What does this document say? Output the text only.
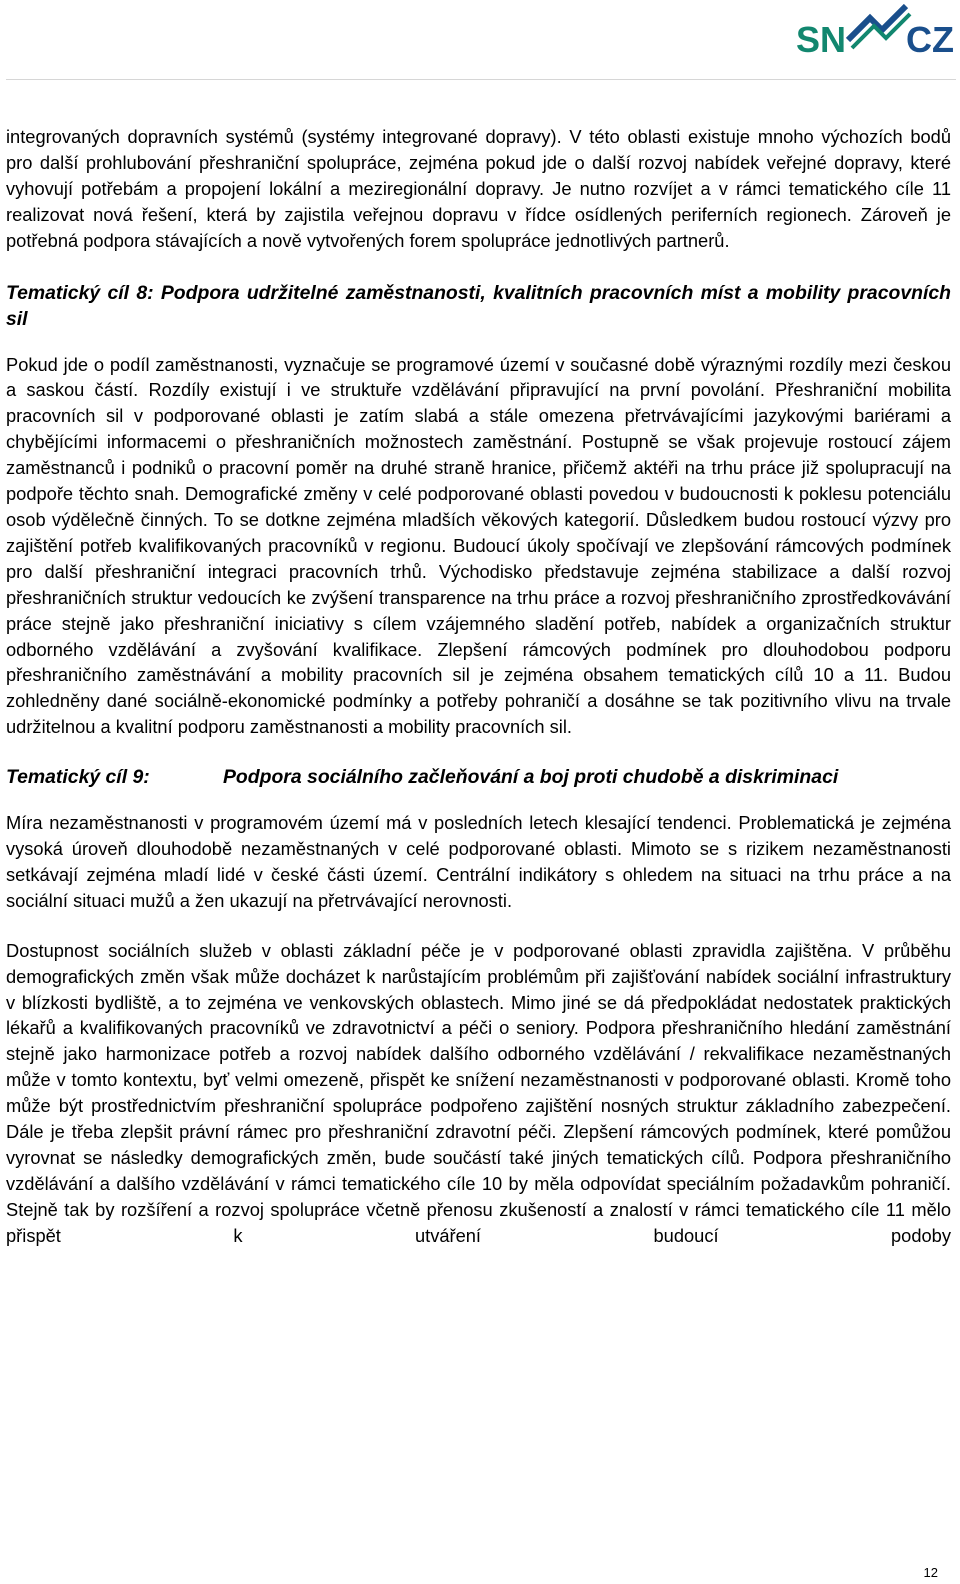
SN CZ

integrovaných dopravních systémů (systémy integrované dopravy). V této oblasti existuje mnoho výchozích bodů pro další prohlubování přeshraniční spolupráce, zejména pokud jde o další rozvoj nabídek veřejné dopravy, které vyhovují potřebám a propojení lokální a meziregionální dopravy. Je nutno rozvíjet a v rámci tematického cíle 11 realizovat nová řešení, která by zajistila veřejnou dopravu v řídce osídlených periferních regionech. Zároveň je potřebná podpora stávajících a nově vytvořených forem spolupráce jednotlivých partnerů.

Tematický cíl 8: Podpora udržitelné zaměstnanosti, kvalitních pracovních míst a mobility pracovních sil

Pokud jde o podíl zaměstnanosti, vyznačuje se programové území v současné době výraznými rozdíly mezi českou a saskou částí. Rozdíly existují i ve struktuře vzdělávání připravující na první povolání. Přeshraniční mobilita pracovních sil v podporované oblasti je zatím slabá a stále omezena přetrvávajícími jazykovými bariérami a chybějícími informacemi o přeshraničních možnostech zaměstnání. Postupně se však projevuje rostoucí zájem zaměstnanců i podniků o pracovní poměr na druhé straně hranice, přičemž aktéři na trhu práce již spolupracují na podpoře těchto snah. Demografické změny v celé podporované oblasti povedou v budoucnosti k poklesu potenciálu osob výdělečně činných. To se dotkne zejména mladších věkových kategorií. Důsledkem budou rostoucí výzvy pro zajištění potřeb kvalifikovaných pracovníků v regionu. Budoucí úkoly spočívají ve zlepšování rámcových podmínek pro další přeshraniční integraci pracovních trhů. Východisko představuje zejména stabilizace a další rozvoj přeshraničních struktur vedoucích ke zvýšení transparence na trhu práce a rozvoj přeshraničního zprostředkovávání práce stejně jako přeshraniční iniciativy s cílem vzájemného sladění potřeb, nabídek a organizačních struktur odborného vzdělávání a zvyšování kvalifikace. Zlepšení rámcových podmínek pro dlouhodobou podporu přeshraničního zaměstnávání a mobility pracovních sil je zejména obsahem tematických cílů 10 a 11. Budou zohledněny dané sociálně-ekonomické podmínky a potřeby pohraničí a dosáhne se tak pozitivního vlivu na trvale udržitelnou a kvalitní podporu zaměstnanosti a mobility pracovních sil.

Tematický cíl 9:	Podpora sociálního začleňování a boj proti chudobě a diskriminaci

Míra nezaměstnanosti v programovém území má v posledních letech klesající tendenci. Problematická je zejména vysoká úroveň dlouhodobě nezaměstnaných v celé podporované oblasti. Mimoto se s rizikem nezaměstnanosti setkávají zejména mladí lidé v české části území. Centrální indikátory s ohledem na situaci na trhu práce a na sociální situaci mužů a žen ukazují na přetrvávající nerovnosti.

Dostupnost sociálních služeb v oblasti základní péče je v podporované oblasti zpravidla zajištěna. V průběhu demografických změn však může docházet k narůstajícím problémům při zajišťování nabídek sociální infrastruktury v blízkosti bydliště, a to zejména ve venkovských oblastech. Mimo jiné se dá předpokládat nedostatek praktických lékařů a kvalifikovaných pracovníků ve zdravotnictví a péči o seniory. Podpora přeshraničního hledání zaměstnání stejně jako harmonizace potřeb a rozvoj nabídek dalšího odborného vzdělávání / rekvalifikace nezaměstnaných může v tomto kontextu, byť velmi omezeně, přispět ke snížení nezaměstnanosti v podporované oblasti. Kromě toho může být prostřednictvím přeshraniční spolupráce podpořeno zajištění nosných struktur základního zabezpečení. Dále je třeba zlepšit právní rámec pro přeshraniční zdravotní péči. Zlepšení rámcových podmínek, které pomůžou vyrovnat se následky demografických změn, bude součástí také jiných tematických cílů. Podpora přeshraničního vzdělávání a dalšího vzdělávání v rámci tematického cíle 10 by měla odpovídat speciálním požadavkům pohraničí. Stejně tak by rozšíření a rozvoj spolupráce včetně přenosu zkušeností a znalostí v rámci tematického cíle 11 mělo přispět k utváření budoucí podoby

12
